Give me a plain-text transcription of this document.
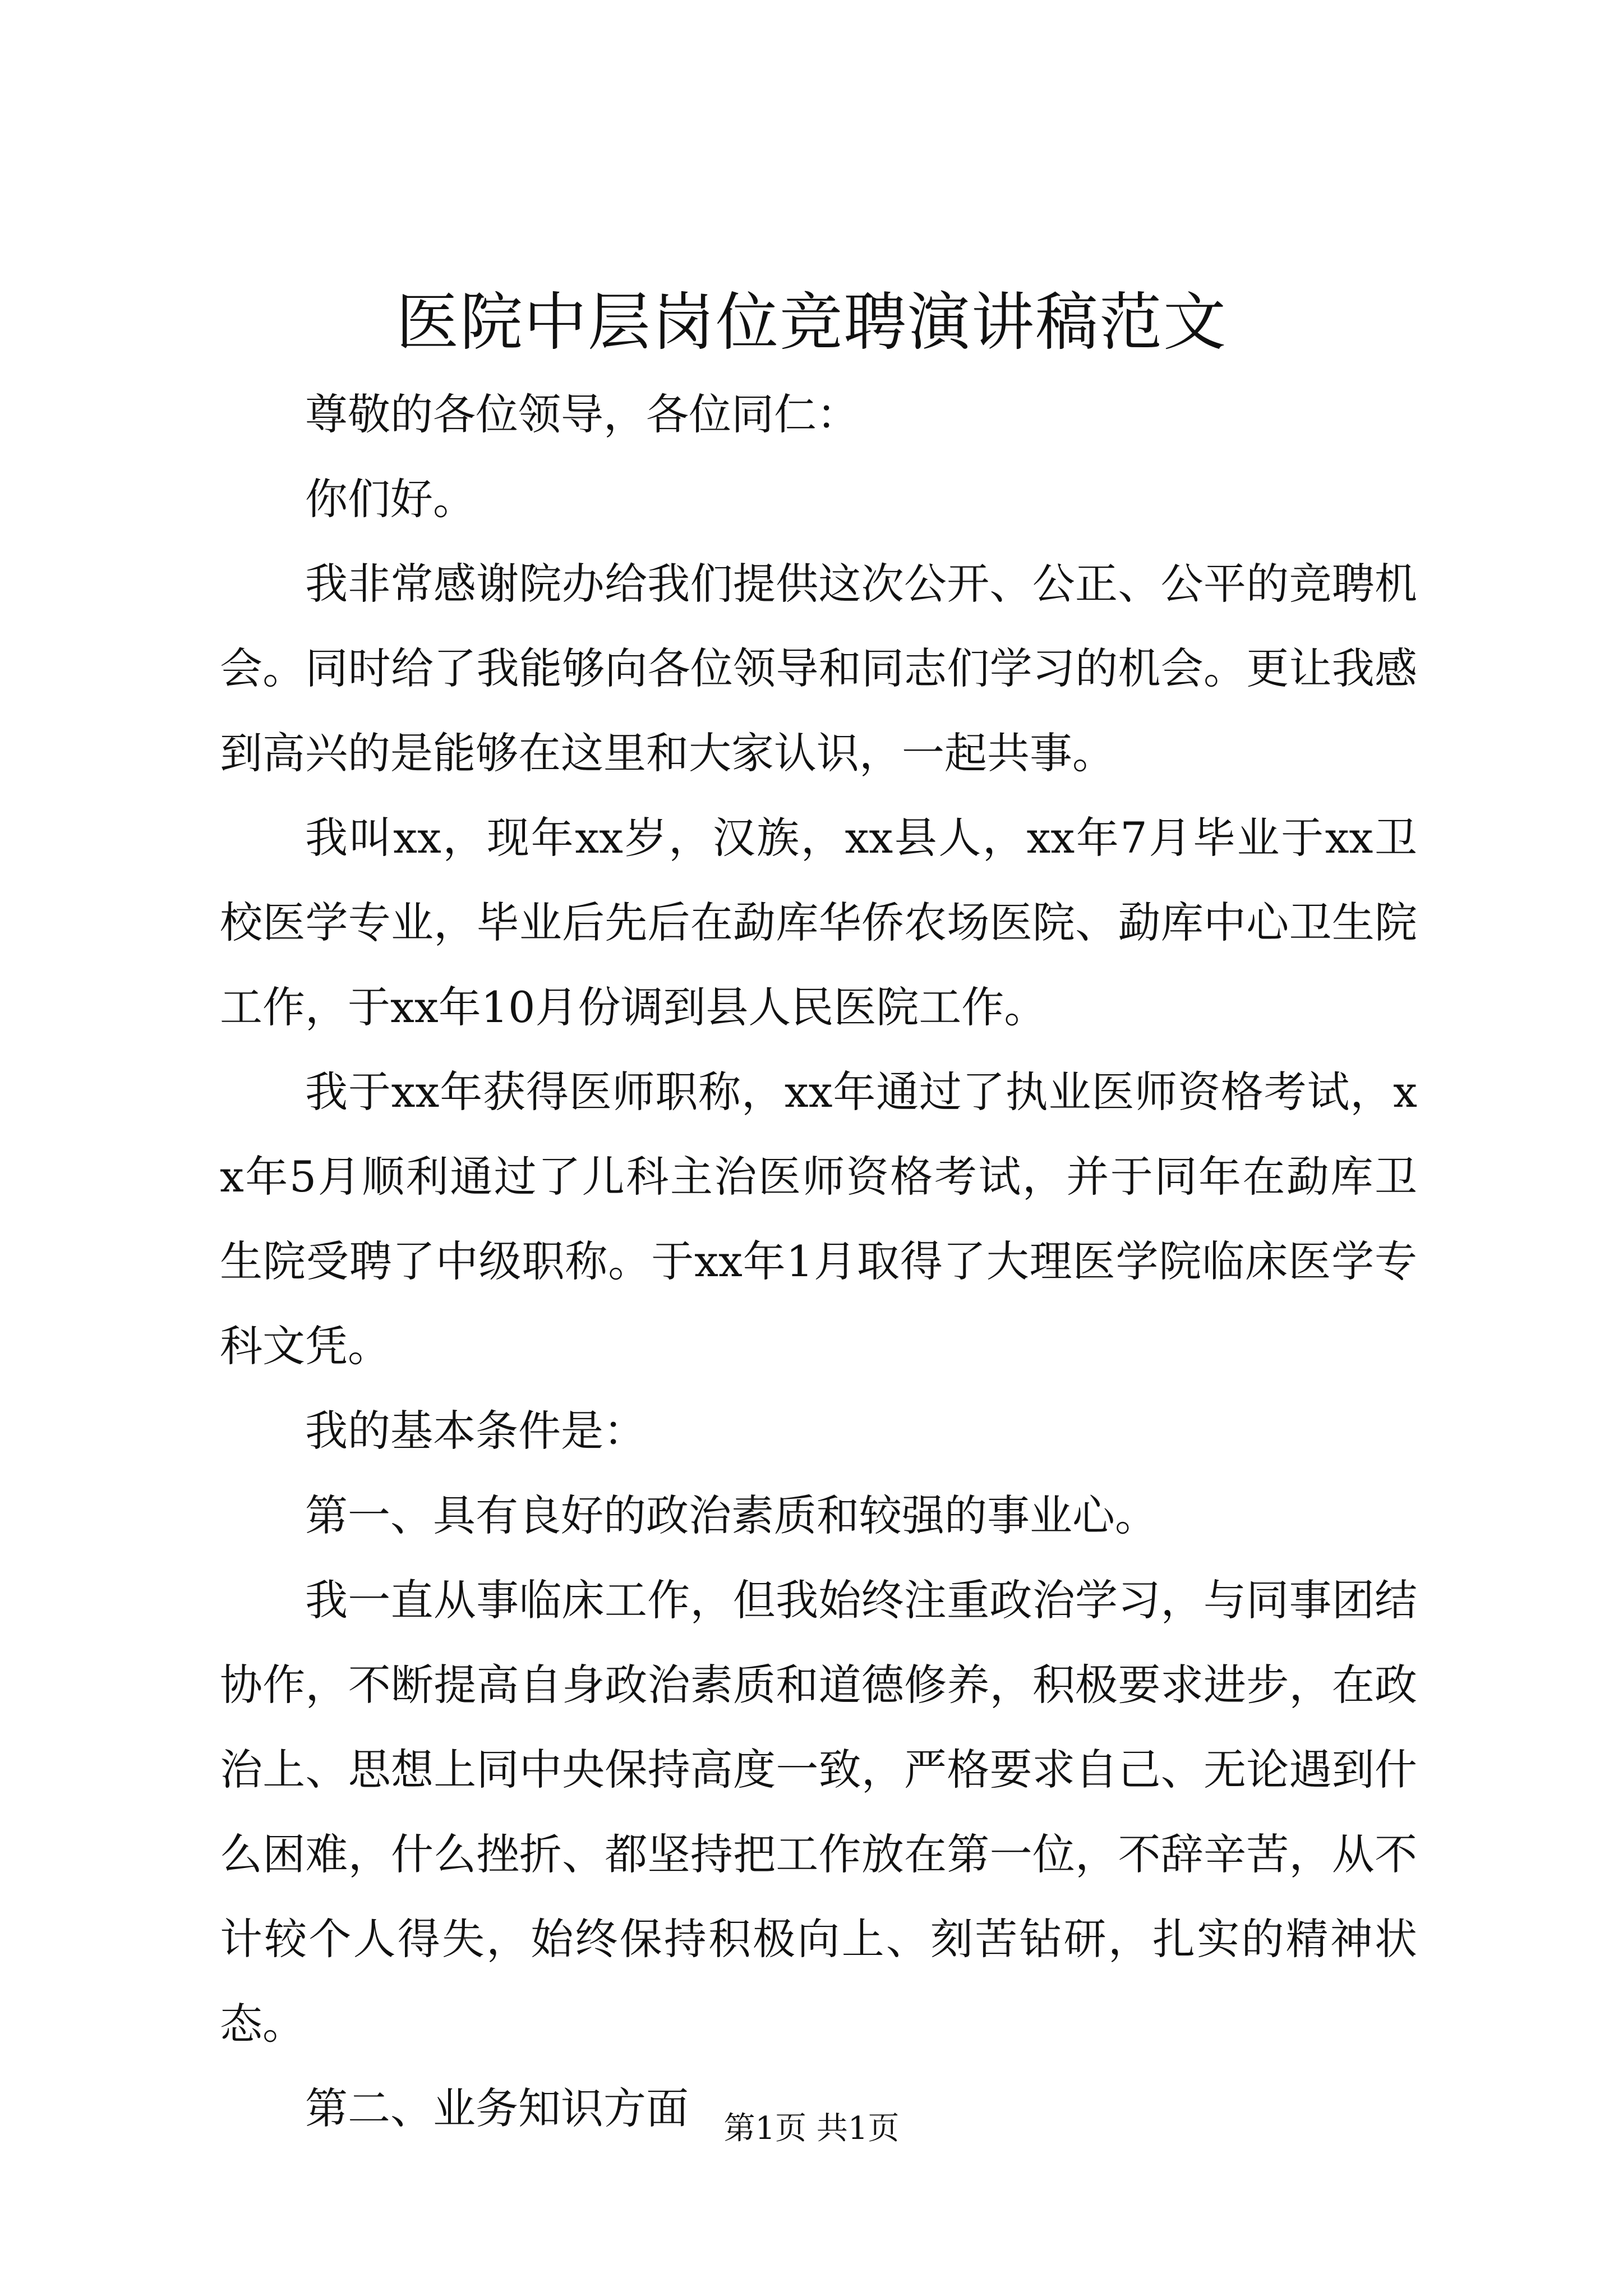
医院中层岗位竞聘演讲稿范文

尊敬的各位领导，各位同仁：

你们好。

我非常感谢院办给我们提供这次公开、公正、公平的竞聘机会。同时给了我能够向各位领导和同志们学习的机会。更让我感到高兴的是能够在这里和大家认识，一起共事。

我叫xx，现年xx岁，汉族，xx县人，xx年7月毕业于xx卫校医学专业，毕业后先后在勐库华侨农场医院、勐库中心卫生院工作，于xx年10月份调到县人民医院工作。

我于xx年获得医师职称，xx年通过了执业医师资格考试，xx年5月顺利通过了儿科主治医师资格考试，并于同年在勐库卫生院受聘了中级职称。于xx年1月取得了大理医学院临床医学专科文凭。

我的基本条件是：

第一、具有良好的政治素质和较强的事业心。

我一直从事临床工作，但我始终注重政治学习，与同事团结协作，不断提高自身政治素质和道德修养，积极要求进步，在政治上、思想上同中央保持高度一致，严格要求自己、无论遇到什么困难，什么挫折、都坚持把工作放在第一位，不辞辛苦，从不计较个人得失，始终保持积极向上、刻苦钻研，扎实的精神状态。

第二、业务知识方面	第1页 共1页
